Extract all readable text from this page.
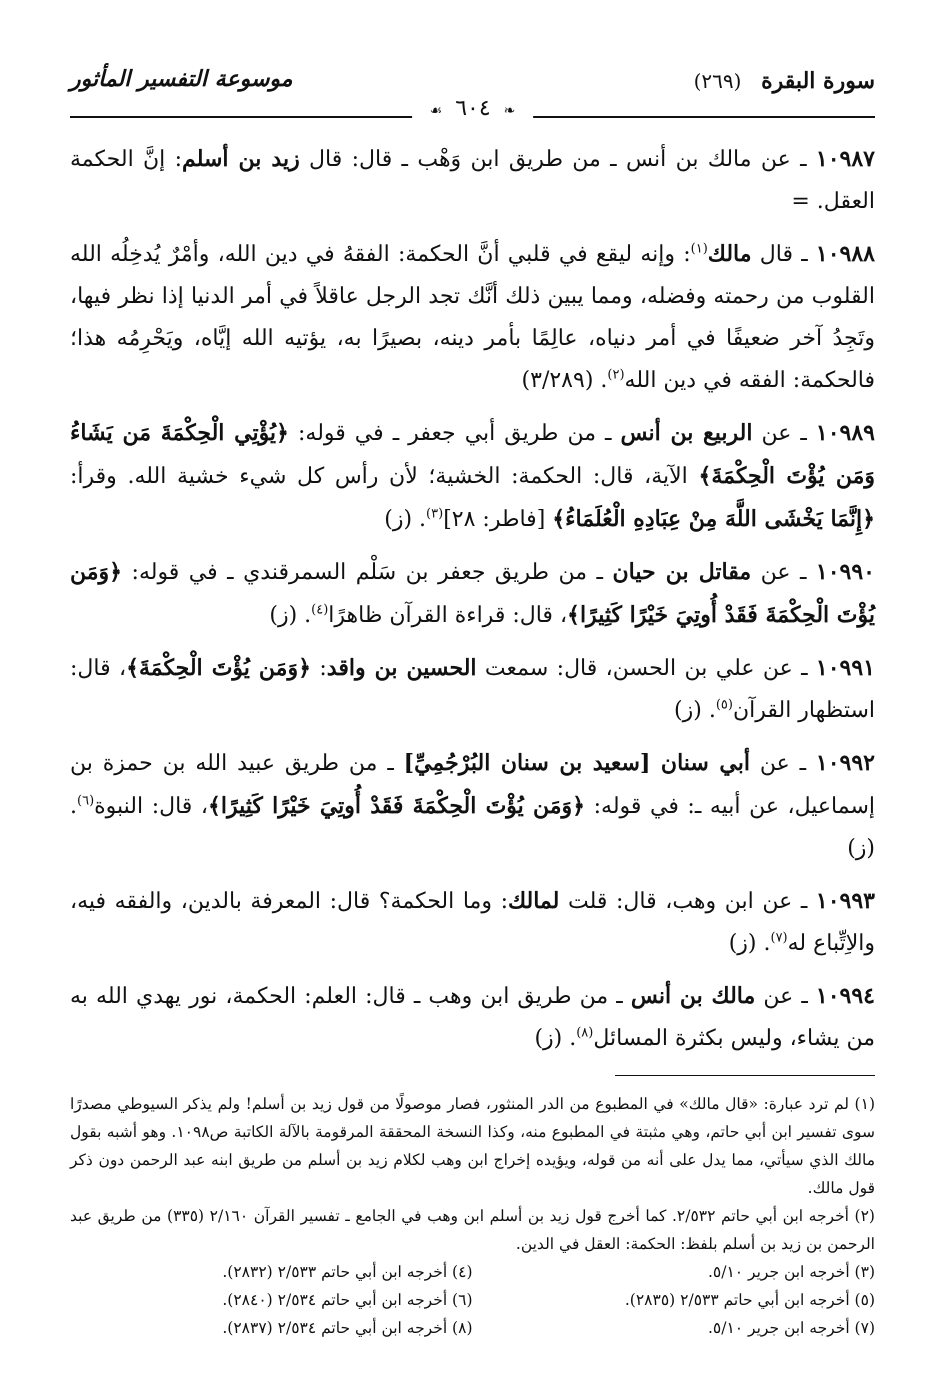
سورة البقرة (٢٦٩)
موسوعة التفسير المأثور
❧ ٦٠٤ ☙
١٠٩٨٧ ـ عن مالك بن أنس ـ من طريق ابن وَهْب ـ قال: قال زيد بن أسلم: إنَّ الحكمة العقل. =
١٠٩٨٨ ـ قال مالك$^{(١)}$: وإنه ليقع في قلبي أنَّ الحكمة: الفقهُ في دين الله، وأمْرٌ يُدخِلُه الله القلوب من رحمته وفضله، ومما يبين ذلك أنَّك تجد الرجل عاقلاً في أمر الدنيا إذا نظر فيها، وتَجِدُ آخر ضعيفًا في أمر دنياه، عالِمًا بأمر دينه، بصيرًا به، يؤتيه الله إيَّاه، ويَحْرِمُه هذا؛ فالحكمة: الفقه في دين الله$^{(٢)}$. (٣/٢٨٩)
١٠٩٨٩ ـ عن الربيع بن أنس ـ من طريق أبي جعفر ـ في قوله: ﴿يُؤْتِي الْحِكْمَةَ مَن يَشَاءُ وَمَن يُؤْتَ الْحِكْمَةَ﴾ الآية، قال: الحكمة: الخشية؛ لأن رأس كل شيء خشية الله. وقرأ: ﴿إِنَّمَا يَخْشَى اللَّهَ مِنْ عِبَادِهِ الْعُلَمَاءُ﴾ [فاطر: ٢٨]$^{(٣)}$. (ز)
١٠٩٩٠ ـ عن مقاتل بن حيان ـ من طريق جعفر بن سَلْم السمرقندي ـ في قوله: ﴿وَمَن يُؤْتَ الْحِكْمَةَ فَقَدْ أُوتِيَ خَيْرًا كَثِيرًا﴾، قال: قراءة القرآن ظاهرًا$^{(٤)}$. (ز)
١٠٩٩١ ـ عن علي بن الحسن، قال: سمعت الحسين بن واقد: ﴿وَمَن يُؤْتَ الْحِكْمَةَ﴾، قال: استظهار القرآن$^{(٥)}$. (ز)
١٠٩٩٢ ـ عن أبي سنان [سعيد بن سنان البُرْجُمِيِّ] ـ من طريق عبيد الله بن حمزة بن إسماعيل، عن أبيه ـ: في قوله: ﴿وَمَن يُؤْتَ الْحِكْمَةَ فَقَدْ أُوتِيَ خَيْرًا كَثِيرًا﴾، قال: النبوة$^{(٦)}$. (ز)
١٠٩٩٣ ـ عن ابن وهب، قال: قلت لمالك: وما الحكمة؟ قال: المعرفة بالدين، والفقه فيه، والاِتِّباع له$^{(٧)}$. (ز)
١٠٩٩٤ ـ عن مالك بن أنس ـ من طريق ابن وهب ـ قال: العلم: الحكمة، نور يهدي الله به من يشاء، وليس بكثرة المسائل$^{(٨)}$. (ز)
(١) لم ترد عبارة: «قال مالك» في المطبوع من الدر المنثور، فصار موصولًا من قول زيد بن أسلم! ولم يذكر السيوطي مصدرًا سوى تفسير ابن أبي حاتم، وهي مثبتة في المطبوع منه، وكذا النسخة المحققة المرقومة بالآلة الكاتبة ص١٠٩٨. وهو أشبه بقول مالك الذي سيأتي، مما يدل على أنه من قوله، ويؤيده إخراج ابن وهب لكلام زيد بن أسلم من طريق ابنه عبد الرحمن دون ذكر قول مالك.
(٢) أخرجه ابن أبي حاتم ٢/٥٣٢. كما أخرج قول زيد بن أسلم ابن وهب في الجامع ـ تفسير القرآن ٢/١٦٠ (٣٣٥) من طريق عبد الرحمن بن زيد بن أسلم بلفظ: الحكمة: العقل في الدين.
(٣) أخرجه ابن جرير ٥/١٠.
(٤) أخرجه ابن أبي حاتم ٢/٥٣٣ (٢٨٣٢).
(٥) أخرجه ابن أبي حاتم ٢/٥٣٣ (٢٨٣٥).
(٦) أخرجه ابن أبي حاتم ٢/٥٣٤ (٢٨٤٠).
(٧) أخرجه ابن جرير ٥/١٠.
(٨) أخرجه ابن أبي حاتم ٢/٥٣٤ (٢٨٣٧).
